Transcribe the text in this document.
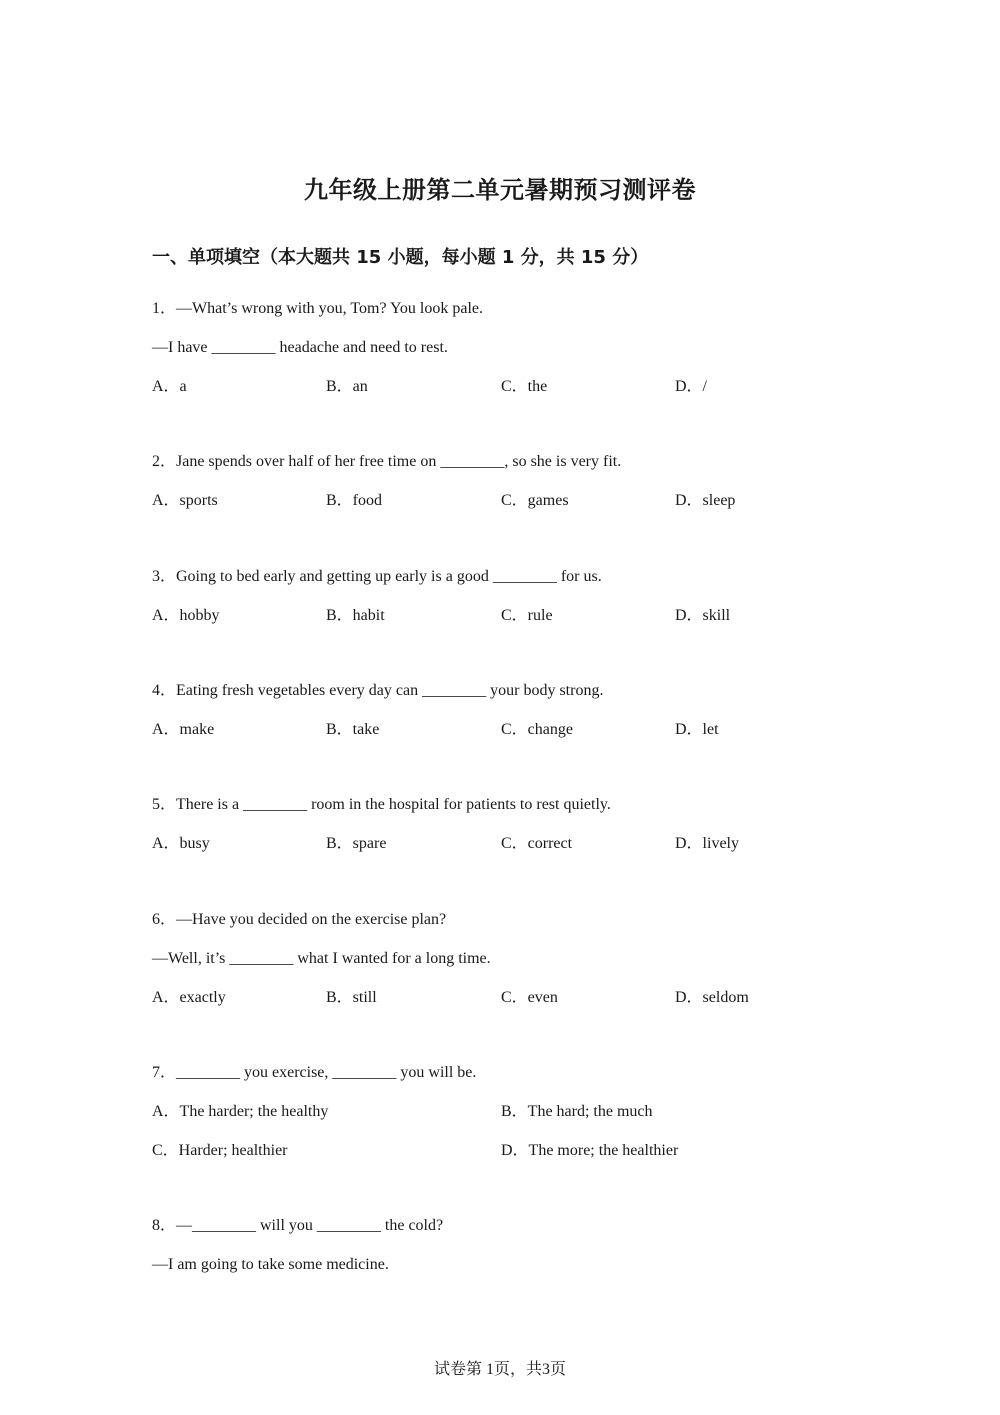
九年级上册第二单元暑期预习测评卷
一、单项填空（本大题共 15 小题，每小题 1 分，共 15 分）
1．—What’s wrong with you, Tom? You look pale.
—I have ________ headache and need to rest.
A．a	B．an	C．the	D．/
2．Jane spends over half of her free time on ________, so she is very fit.
A．sports	B．food	C．games	D．sleep
3．Going to bed early and getting up early is a good ________ for us.
A．hobby	B．habit	C．rule	D．skill
4．Eating fresh vegetables every day can ________ your body strong.
A．make	B．take	C．change	D．let
5．There is a ________ room in the hospital for patients to rest quietly.
A．busy	B．spare	C．correct	D．lively
6．—Have you decided on the exercise plan?
—Well, it’s ________ what I wanted for a long time.
A．exactly	B．still	C．even	D．seldom
7．________ you exercise, ________ you will be.
A．The harder; the healthy	B．The hard; the much
C．Harder; healthier	D．The more; the healthier
8．—________ will you ________ the cold?
—I am going to take some medicine.
试卷第 1页，共3页
